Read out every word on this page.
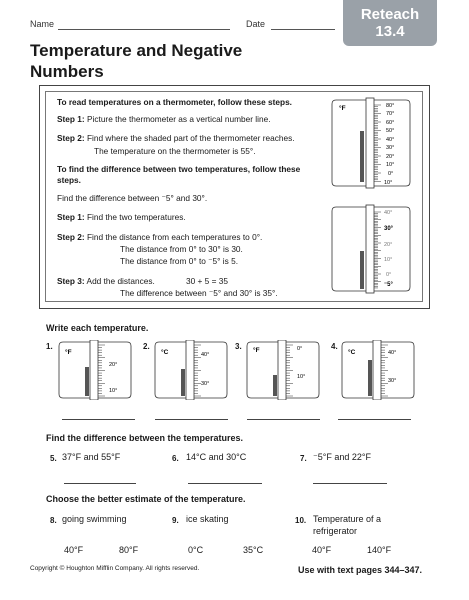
Name	Date
Reteach
13.4
Temperature and Negative
Numbers
To read temperatures on a thermometer, follow these steps.
Step 1: Picture the thermometer as a vertical number line.
Step 2: Find where the shaded part of the thermometer reaches.
The temperature on the thermometer is 55°.
To find the difference between two temperatures, follow these steps.
Find the difference between ⁻5° and 30°.
Step 1: Find the two temperatures.
Step 2: Find the distance from each temperatures to 0°.
The distance from 0° to 30° is 30.
The distance from 0° to ⁻5° is 5.
Step 3: Add the distances.	30 + 5 = 35
The difference between ⁻5° and 30° is 35°.
°F	80°
70°
60°
50°
40°
30°
20°
10°
0°
10°
40°
30°
20°
10°
0°
⁻5°
Write each temperature.
1.
°F
20°
10°
2.
°C	40°
30°
3. °F	0°
10°
4.
°C	40°
30°
Find the difference between the temperatures.
5. 37°F and 55°F	6. 14°C and 30°C	7. ⁻5°F and 22°F
Choose the better estimate of the temperature.
8. going swimming
40°F	80°F
9. ice skating
0°C	35°C
10. Temperature of a
refrigerator
40°F	140°F
Copyright © Houghton Mifflin Company. All rights reserved.	Use with text pages 344–347.
